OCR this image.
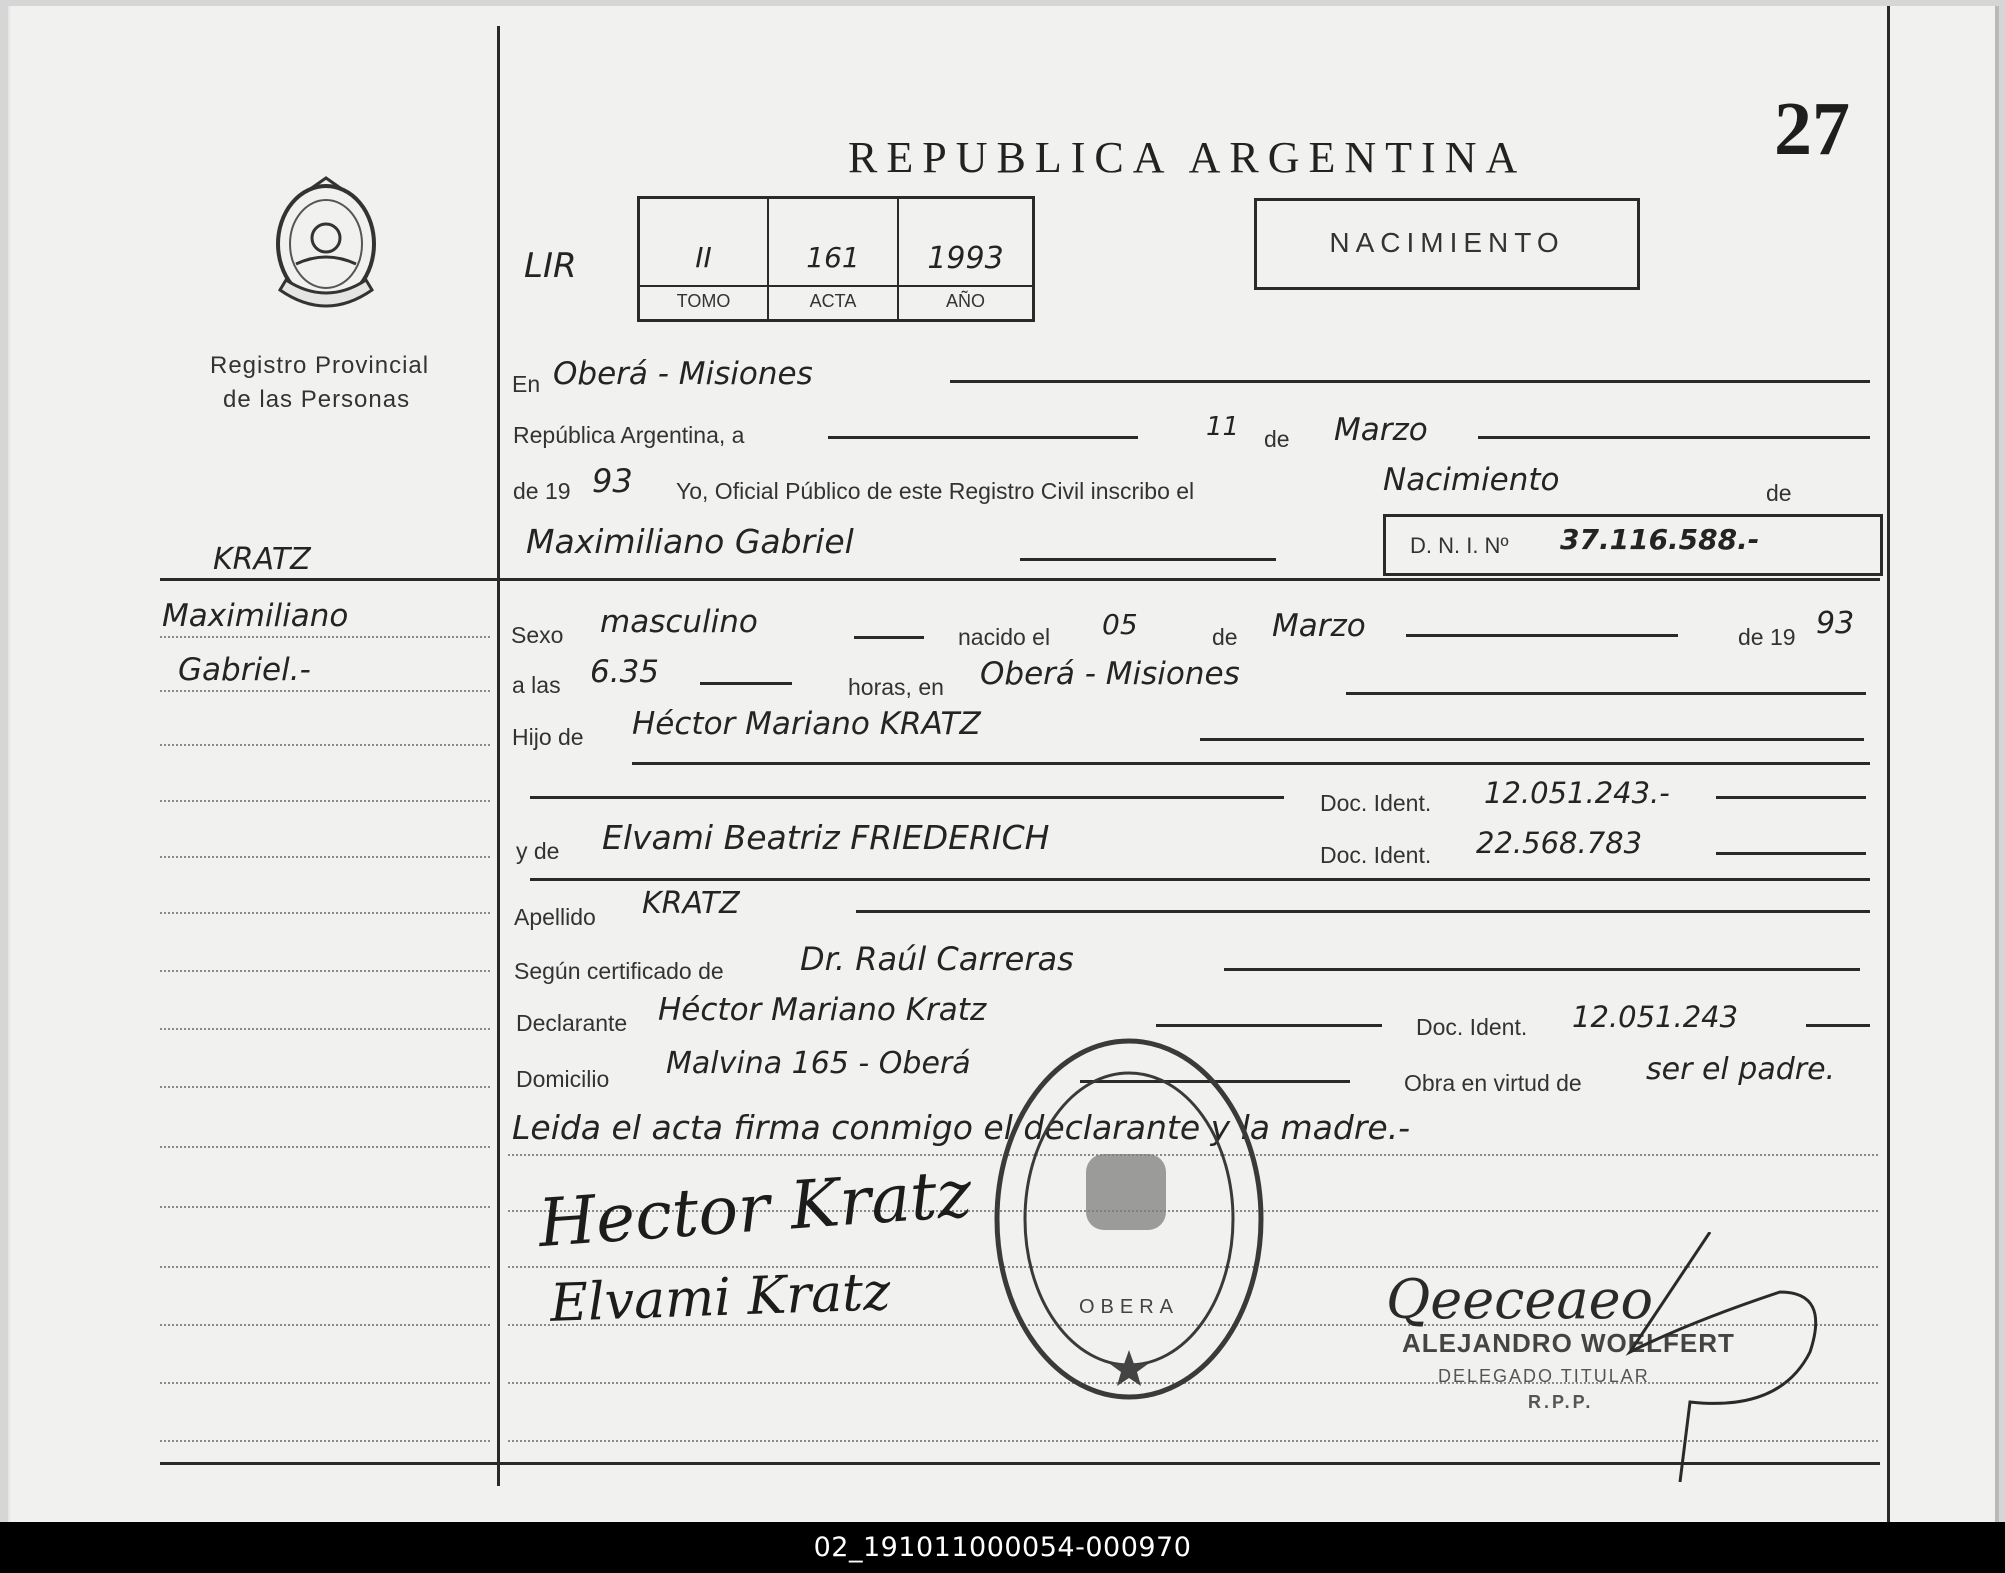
REPUBLICA ARGENTINA	27
Registro Provincial
de las Personas
LIR	II	161	1993
TOMO	ACTA	AÑO
NACIMIENTO
En Oberá - Misiones
República Argentina, a	11 de Marzo
de 19 93 Yo, Oficial Público de este Registro Civil inscribo el	Nacimiento	de
Maximiliano Gabriel	D. N. I. Nº 37.116.588.-
KRATZ
Maximiliano
Gabriel.-
Sexo masculino	nacido el 05	de Marzo	de 19 93
a las 6.35	horas, en Oberá - Misiones
Hijo de Héctor Mariano KRATZ
Doc. Ident. 12.051.243.-
y de Elvami Beatriz FRIEDERICH	Doc. Ident. 22.568.783
Apellido KRATZ
Según certificado de Dr. Raúl Carreras
Declarante Héctor Mariano Kratz	Doc. Ident. 12.051.243
Domicilio Malvina 165 - Oberá
Obra en virtud de ser el padre.
Leida el acta firma conmigo el declarante y la madre.-
Hector Kratz
Elvami Kratz	OBERA	Qeeceaeo
ALEJANDRO WOELFERT
DELEGADO TITULAR
R.P.P.
02_191011000054-000970
